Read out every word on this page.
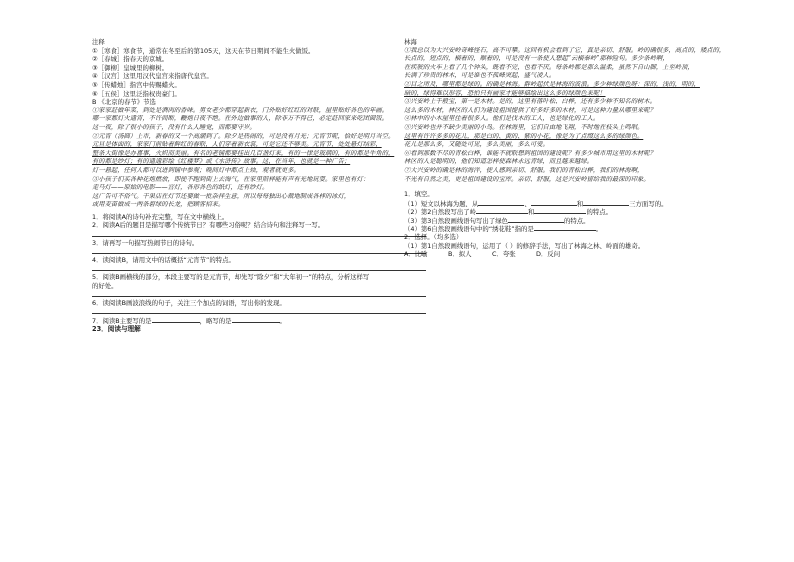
注释
①［寒食］寒食节，通常在冬至后的第105天，这天在节日期间不能生火做饭。
②［春城］指春天的京城。
③［御柳］皇城里的柳树。
④［汉宫］这里用汉代皇宫来指唐代皇宫。
⑤［传蜡烛］指宫中传赐蜡火。
⑥［五侯］这里泛指权贵豪门。
B 《北京的春节》节选
①家家赶做年菜，到处是酒肉的香味。男女老少都穿起新衣，门外贴好红红的对联，屋里贴好各色的年画。
哪一家都灯火通宵，不许间断，鞭炮日夜不绝。在外边做事的人，除非万不得已，必定赶回家来吃团圆饭。
这一夜，除了很小的孩子，没有什么人睡觉，而都要守岁。
②元宵（汤圆）上市，新春的又一个高潮到了。除夕是热闹的，可是没有月光；元宵节呢，恰好是明月当空。
元旦是体面的，家家门前贴着鲜红的春联，人们穿着新衣裳，可是它还不够美。元宵节，处处悬灯结彩，
整条大街像是办喜事，火炽而美丽。有名的老铺都要挂出几百盏灯来，有的一律是玻璃的，有的都是牛角的，
有的都是纱灯；有的通通彩绘《红楼梦》或《水浒传》故事。这，在当年，也就是一种广告；
灯一悬起，任何人都可以进到铺中参观；晚间灯中都点上烛，观者就更多。
③小孩子们买各种花炮燃放，即使不跑到街上去淘气，在家里照样能有声有光地玩耍。家里也有灯：
走马灯——原始的电影——宫灯，各形各色的纸灯，还有纱灯。
这广告可不俗气。干果店在灯节还要做一批杂拌生意，所以每每独出心裁地制成各样的冰灯，
或用麦苗做成一两条碧绿的长龙，把顾客招来。
1．将阅读A的诗句补充完整，写在文中横线上。
2．阅读A后的题目是描写哪个传统节日？有哪些习俗呢？结合诗句和注释写一写。
3．请再写一句描写热闹节日的诗句。
4．读阅读B，请用文中的话概括“元宵节”的特点。
5．阅读B画横线的部分，本段主要写的是元宵节，却先写“除夕”和“大年初一”的特点，分析这样写
的好处。
6．读阅读B画波浪线的句子，关注三个加点的词语，写出你的发现。
7．阅读B主要写的是	，略写的是	。
23．阅读与理解
林海
①我总以为大兴安岭奇峰怪石，高不可攀。这回有机会看到了它，真是亲切、舒服。岭的确很多，高点的，矮点的，
长点的，短点的，横着的，顺着的，可是没有一条使人想起“云横秦岭”那种险句。多少条岭啊，
在疾驶的火车上看了几个钟头，既看不完，也看不厌。每条岭都是那么温柔，虽然下自山脚，上至岭顶，
长满了珍贵的林木，可是谁也不孤峰突起，盛气凌人。
②目之所及，哪里都是绿的。的确是林海。群岭起伏是林海的波浪。多少种绿颜色呀：深的，浅的，明的，
暗的，绿得难以形容，恐怕只有画家才能够描绘出这么多的绿颜色来呢！
③兴安岭上千般宝，第一是木材。是的，这里有落叶松、白桦，还有多少种不知名的树木。
这么多的木材，林区的人们为建设祖国提供了好多好多的木材，可是这种力量从哪里来呢？
④林中的小木屋里住着很多人。他们是伐木的工人，也是绿化的工人。
⑤兴安岭也并不缺少美丽的小鸟。在林海里，它们自由地飞翔，不时地在枝头上鸣唱。
这里有许许多多的花儿，那是白的、黄的、紫的小花，像是为了点缀这么多的绿颜色。
花儿是那么多，又随处可见，多么美丽，多么可爱。
⑥看到那数不尽的青松白桦，谁能不就联想到祖国的建设呢？有多少城市用这里的木材呢？
林区的人是聪明的，他们知道怎样使森林永远青绿，而且越来越绿。
⑦大兴安岭的确是林的海洋，使人感到亲切、舒服。我们的青松白桦，我们的林海啊，
不光有自然之美，更是祖国建设的宝库。亲切、舒服，这是兴安岭留给我的最深的印象。
1．填空。
（1）短文以林海为题，从	、	和	三方面写的。
（2）第2自然段写出了岭	和	的特点。
（3）第3自然段画线语句写出了绿色	的特点。
（4）第6自然段画线语句中的“绣花鞋”指的是	。
2．选择。（均多选）
（1）第1自然段画线语句，运用了（ ）的修辞手法，写出了林海之林、岭面的雄奇。
A．比喻	B．拟人	C．夸张	D．反问
